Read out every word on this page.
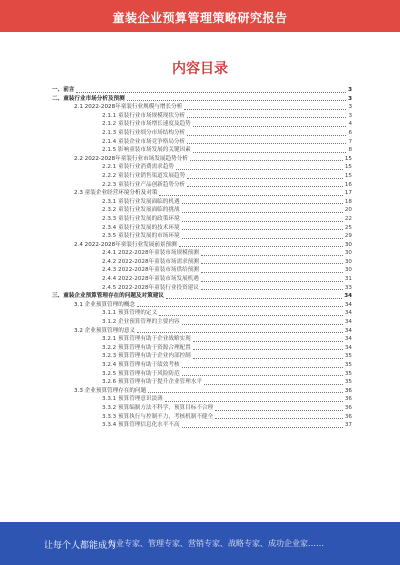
童装企业预算管理策略研究报告
内容目录
一、前言	3
二、童装行业市场分析及预测	3
2.1 2022-2028年童装行业规模与增长分析	3
2.1.1 童装行业市场规模现状分析	3
2.1.2 童装行业市场增长速度及趋势	4
2.1.3 童装行业细分市场结构分析	6
2.1.4 童装企业市场竞争格局分析	7
2.1.5 影响童装市场发展的关键因素	8
2.2 2022-2028年童装行业市场发展趋势分析	15
2.2.1 童装行业消费需求趋势	15
2.2.2 童装行业销售渠道发展趋势	15
2.2.3 童装行业产品创新趋势分析	16
2.3 童装企业经营环境分析及对策	17
2.3.1 童装行业发展面临的机遇	18
2.3.2 童装行业发展面临的挑战	20
2.3.3 童装行业发展的政策环境	22
2.3.4 童装行业发展的技术环境	25
2.3.5 童装行业发展的市场环境	29
2.4 2022-2028年童装行业发展前景预测	30
2.4.1 2022-2028年童装市场规模预测	30
2.4.2 2022-2028年童装市场需求预测	30
2.4.3 2022-2028年童装市场供给预测	30
2.4.4 2022-2028年童装市场发展机遇	31
2.4.5 2022-2028年童装行业投资建议	33
三、童装企业预算管理存在的问题及对策建议	34
3.1 企业预算管理的概念	34
3.1.1 预算管理的定义	34
3.1.2 企业预算管理的主要内容	34
3.2 企业预算管理的意义	34
3.2.1 预算管理有助于企业战略实现	34
3.2.2 预算管理有助于资源合理配置	34
3.2.3 预算管理有助于企业内部控制	35
3.2.4 预算管理有助于绩效考核	35
3.2.5 预算管理有助于风险防范	35
3.2.6 预算管理有助于提升企业管理水平	35
3.3 企业预算管理存在的问题	36
3.3.1 预算管理意识淡薄	36
3.3.2 预算编制方法不科学，预算目标不合理	36
3.3.3 预算执行与控制不力，考核机制不健全	36
3.3.4 预算管理信息化水平不高	37
让每个人都能成为
行业专家、管理专家、营销专家、战略专家、成功企业家……
